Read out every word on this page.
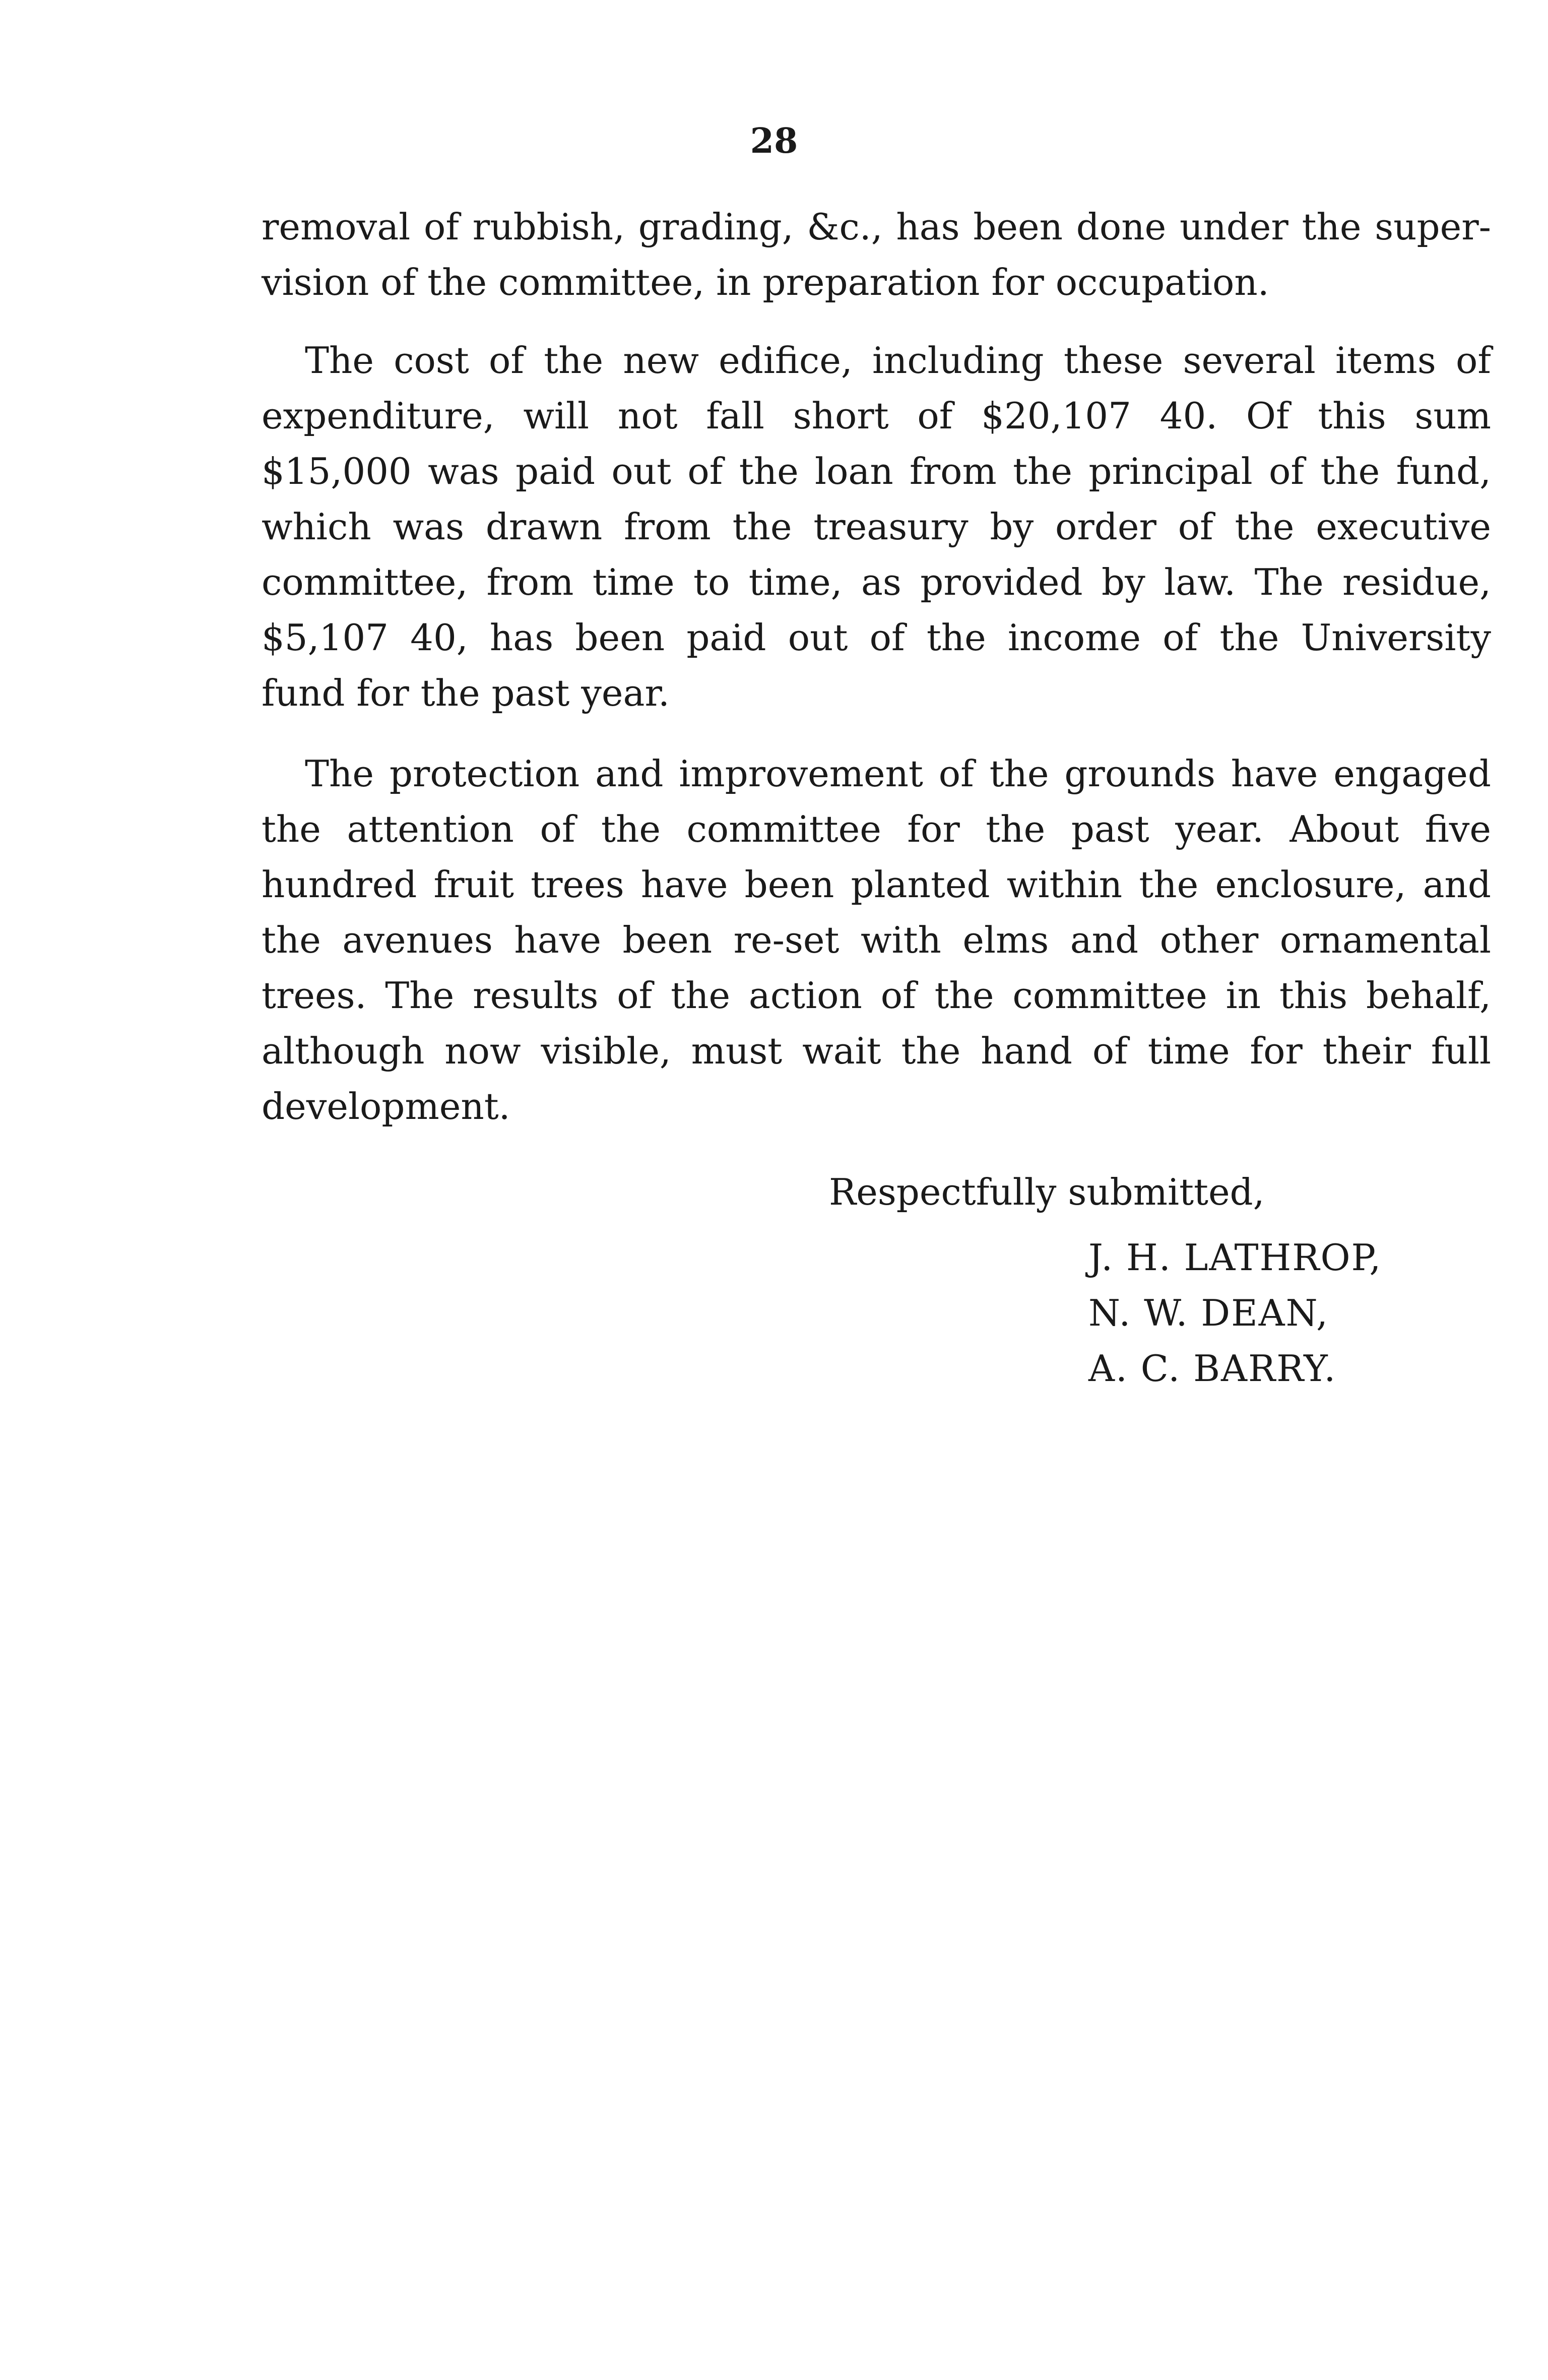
28
removal of rubbish, grading, &c., has been done under the super-
vision of the committee, in preparation for occupation.
The cost of the new edifice, including these several items of
expenditure, will not fall short of $20,107 40. Of this sum
$15,000 was paid out of the loan from the principal of the fund,
which was drawn from the treasury by order of the executive
committee, from time to time, as provided by law. The residue,
$5,107 40, has been paid out of the income of the University
fund for the past year.
The protection and improvement of the grounds have engaged
the attention of the committee for the past year. About five
hundred fruit trees have been planted within the enclosure, and
the avenues have been re-set with elms and other ornamental
trees. The results of the action of the committee in this behalf,
although now visible, must wait the hand of time for their full
development.
Respectfully submitted,
J. H. LATHROP,
N. W. DEAN,
A. C. BARRY.
